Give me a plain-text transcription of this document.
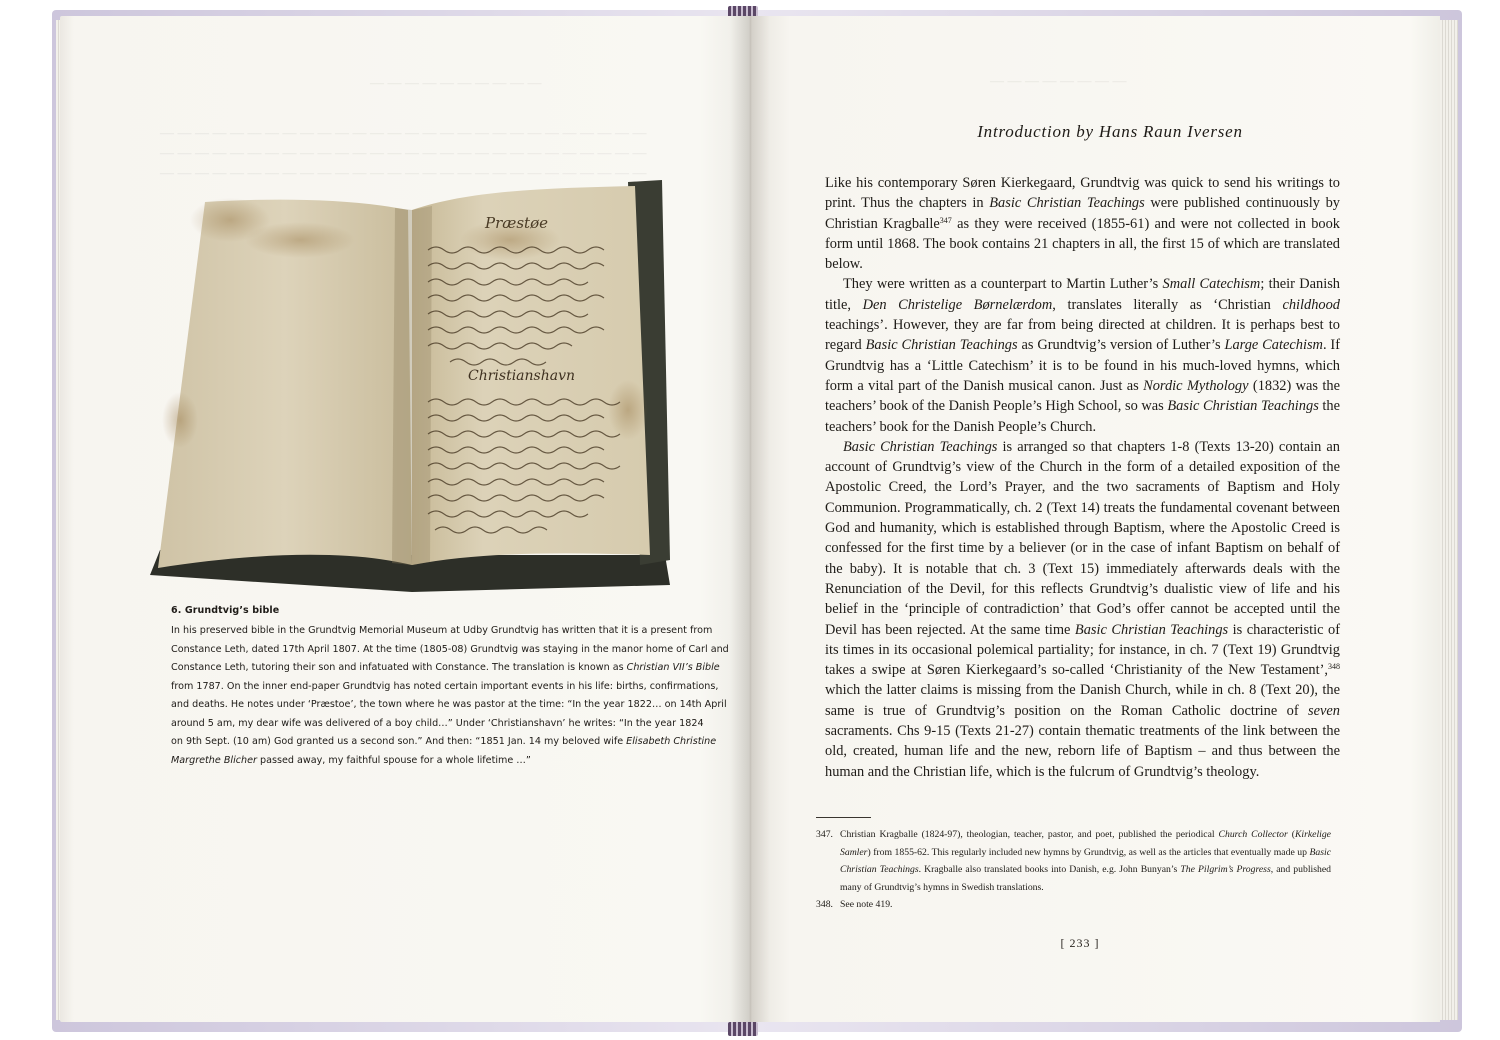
― ― ― ― ― ― ― ― ― ―
― ― ― ― ― ― ― ― ― ― ― ― ― ― ― ― ― ― ― ― ― ― ― ― ― ― ― ―
― ― ― ― ― ― ― ― ― ― ― ― ― ― ― ― ― ― ― ― ― ― ― ― ― ― ― ―
― ― ― ― ― ― ― ― ― ― ― ― ― ― ― ― ― ― ― ― ― ― ― ― ― ― ― ―
― ― ― ― ― ― ― ―
Præstøe
Christianshavn
6. Grundtvig’s bible
In his preserved bible in the Grundtvig Memorial Museum at Udby Grundtvig has written that it is a present from
Constance Leth, dated 17th April 1807. At the time (1805-08) Grundtvig was staying in the manor home of Carl and
Constance Leth, tutoring their son and infatuated with Constance. The translation is known as Christian VII’s Bible
from 1787. On the inner end-paper Grundtvig has noted certain important events in his life: births, confirmations,
and deaths. He notes under ‘Præstoe’, the town where he was pastor at the time: “In the year 1822… on 14th April
around 5 am, my dear wife was delivered of a boy child…” Under ‘Christianshavn’ he writes: “In the year 1824
on 9th Sept. (10 am) God granted us a second son.” And then: “1851 Jan. 14 my beloved wife Elisabeth Christine
Margrethe Blicher passed away, my faithful spouse for a whole lifetime …”
Introduction by Hans Raun Iversen

Like his contemporary Søren Kierkegaard, Grundtvig was quick to send his writings to print. Thus the chapters in Basic Christian Teachings were published continuously by Christian Kragballe$^{347}$ as they were received (1855-61) and were not collected in book form until 1868. The book contains 21 chapters in all, the first 15 of which are translated below.

They were written as a counterpart to Martin Luther’s Small Catechism; their Danish title, Den Christelige Børnelærdom, translates literally as ‘Christian childhood teachings’. However, they are far from being directed at children. It is perhaps best to regard Basic Christian Teachings as Grundtvig’s version of Luther’s Large Catechism. If Grundtvig has a ‘Little Catechism’ it is to be found in his much-loved hymns, which form a vital part of the Danish musical canon. Just as Nordic Mythology (1832) was the teachers’ book of the Danish People’s High School, so was Basic Christian Teachings the teachers’ book for the Danish People’s Church.

Basic Christian Teachings is arranged so that chapters 1-8 (Texts 13-20) contain an account of Grundtvig’s view of the Church in the form of a detailed exposition of the Apostolic Creed, the Lord’s Prayer, and the two sacraments of Baptism and Holy Communion. Programmatically, ch. 2 (Text 14) treats the fundamental covenant between God and humanity, which is established through Baptism, where the Apostolic Creed is confessed for the first time by a believer (or in the case of infant Baptism on behalf of the baby). It is notable that ch. 3 (Text 15) immediately afterwards deals with the Renunciation of the Devil, for this reflects Grundtvig’s dualistic view of life and his belief in the ‘principle of contradiction’ that God’s offer cannot be accepted until the Devil has been rejected. At the same time Basic Christian Teachings is characteristic of its times in its occasional polemical partiality; for instance, in ch. 7 (Text 19) Grundtvig takes a swipe at Søren Kierkegaard’s so-called ‘Christianity of the New Testament’,$^{348}$ which the latter claims is missing from the Danish Church, while in ch. 8 (Text 20), the same is true of Grundtvig’s position on the Roman Catholic doctrine of seven sacraments. Chs 9-15 (Texts 21-27) contain thematic treatments of the link between the old, created, human life and the new, reborn life of Baptism – and thus between the human and the Christian life, which is the fulcrum of Grundtvig’s theology.

347. Christian Kragballe (1824-97), theologian, teacher, pastor, and poet, published the periodical Church Collector (Kirkelige Samler) from 1855-62. This regularly included new hymns by Grundtvig, as well as the articles that eventually made up Basic Christian Teachings. Kragballe also translated books into Danish, e.g. John Bunyan’s The Pilgrim’s Progress, and published many of Grundtvig’s hymns in Swedish translations.
348. See note 419.
[ 233 ]
